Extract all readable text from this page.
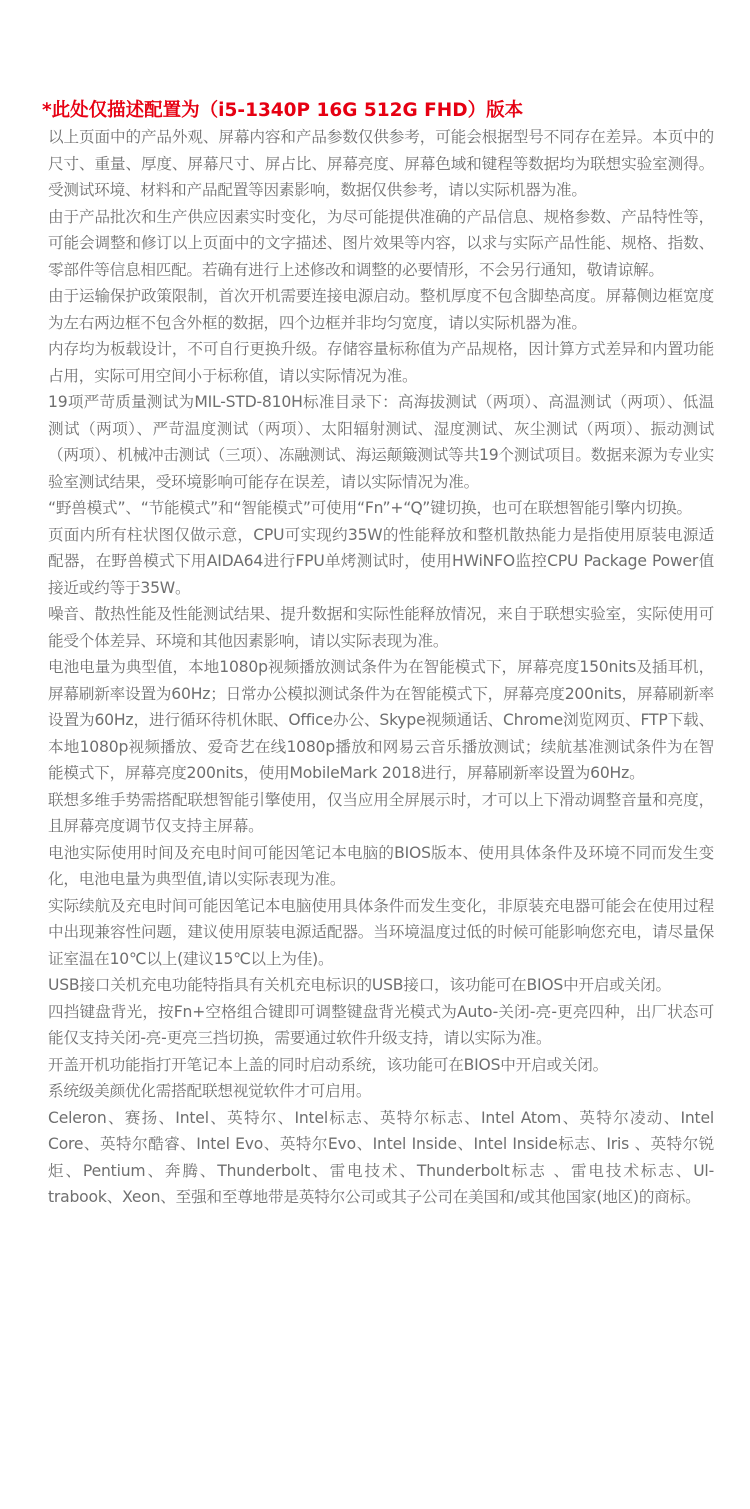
*此处仅描述配置为（i5-1340P 16G 512G FHD）版本

以上页面中的产品外观、屏幕内容和产品参数仅供参考，可能会根据型号不同存在差异。本页中的尺寸、重量、厚度、屏幕尺寸、屏占比、屏幕亮度、屏幕色域和键程等数据均为联想实验室测得。受测试环境、材料和产品配置等因素影响，数据仅供参考，请以实际机器为准。

由于产品批次和生产供应因素实时变化，为尽可能提供准确的产品信息、规格参数、产品特性等，可能会调整和修订以上页面中的文字描述、图片效果等内容，以求与实际产品性能、规格、指数、零部件等信息相匹配。若确有进行上述修改和调整的必要情形，不会另行通知，敬请谅解。

由于运输保护政策限制，首次开机需要连接电源启动。整机厚度不包含脚垫高度。屏幕侧边框宽度为左右两边框不包含外框的数据，四个边框并非均匀宽度，请以实际机器为准。

内存均为板载设计，不可自行更换升级。存储容量标称值为产品规格，因计算方式差异和内置功能占用，实际可用空间小于标称值，请以实际情况为准。

19项严苛质量测试为MIL-STD-810H标准目录下：高海拔测试（两项）、高温测试（两项）、低温测试（两项）、严苛温度测试（两项）、太阳辐射测试、湿度测试、灰尘测试（两项）、振动测试（两项）、机械冲击测试（三项）、冻融测试、海运颠簸测试等共19个测试项目。数据来源为专业实验室测试结果，受环境影响可能存在误差，请以实际情况为准。

“野兽模式”、“节能模式”和“智能模式”可使用“Fn”+“Q”键切换，也可在联想智能引擎内切换。

页面内所有柱状图仅做示意，CPU可实现约35W的性能释放和整机散热能力是指使用原装电源适配器，在野兽模式下用AIDA64进行FPU单烤测试时，使用HWiNFO监控CPU Package Power值接近或约等于35W。

噪音、散热性能及性能测试结果、提升数据和实际性能释放情况，来自于联想实验室，实际使用可能受个体差异、环境和其他因素影响，请以实际表现为准。

电池电量为典型值，本地1080p视频播放测试条件为在智能模式下，屏幕亮度150nits及插耳机，屏幕刷新率设置为60Hz；日常办公模拟测试条件为在智能模式下，屏幕亮度200nits，屏幕刷新率设置为60Hz，进行循环待机休眠、Office办公、Skype视频通话、Chrome浏览网页、FTP下载、本地1080p视频播放、爱奇艺在线1080p播放和网易云音乐播放测试；续航基准测试条件为在智能模式下，屏幕亮度200nits，使用MobileMark 2018进行，屏幕刷新率设置为60Hz。

联想多维手势需搭配联想智能引擎使用，仅当应用全屏展示时，才可以上下滑动调整音量和亮度，且屏幕亮度调节仅支持主屏幕。

电池实际使用时间及充电时间可能因笔记本电脑的BIOS版本、使用具体条件及环境不同而发生变化，电池电量为典型值,请以实际表现为准。

实际续航及充电时间可能因笔记本电脑使用具体条件而发生变化，非原装充电器可能会在使用过程中出现兼容性问题，建议使用原装电源适配器。当环境温度过低的时候可能影响您充电，请尽量保证室温在10℃以上(建议15℃以上为佳)。

USB接口关机充电功能特指具有关机充电标识的USB接口，该功能可在BIOS中开启或关闭。

四挡键盘背光，按Fn+空格组合键即可调整键盘背光模式为Auto-关闭-亮-更亮四种，出厂状态可能仅支持关闭-亮-更亮三挡切换，需要通过软件升级支持，请以实际为准。

开盖开机功能指打开笔记本上盖的同时启动系统，该功能可在BIOS中开启或关闭。

系统级美颜优化需搭配联想视觉软件才可启用。

Celeron、赛扬、Intel、英特尔、Intel标志、英特尔标志、Intel Atom、英特尔凌动、Intel Core、英特尔酷睿、Intel Evo、英特尔Evo、Intel Inside、Intel Inside标志、Iris 、英特尔锐炬、Pentium、奔腾、Thunderbolt、雷电技术、Thunderbolt标志 、雷电技术标志、Ul-trabook、Xeon、至强和至尊地带是英特尔公司或其子公司在美国和/或其他国家(地区)的商标。
